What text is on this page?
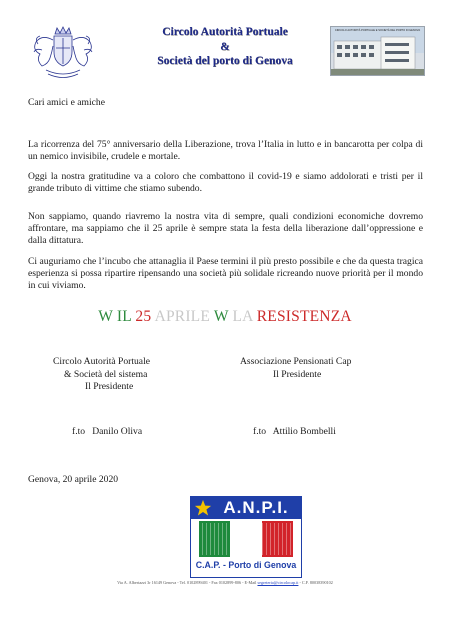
Circolo Autorità Portuale
&
Società del porto di Genova
CIRCOLO AUTORITÀ PORTUALE E SOCIETÀ DEL PORTO DI GENOVA
Cari amici e amiche
La ricorrenza del 75° anniversario della Liberazione, trova l’Italia in lutto e in bancarotta per colpa di un nemico invisibile, crudele e mortale.
Oggi la nostra gratitudine va a coloro che combattono il covid-19 e siamo addolorati e tristi per il grande tributo di vittime che stiamo subendo.
Non sappiamo, quando riavremo la nostra vita di sempre, quali condizioni economiche dovremo affrontare, ma sappiamo che il 25 aprile è sempre stata la festa della liberazione dall’oppressione e dalla dittatura.
Ci auguriamo che l’incubo che attanaglia il Paese termini il più presto possibile e che da questa tragica esperienza si possa ripartire ripensando una società più solidale ricreando nuove priorità per il mondo in cui viviamo.
W IL 25 APRILE W LA RESISTENZA
Circolo Autorità Portuale
& Società del sistema
Il Presidente
Associazione Pensionati Cap
Il Presidente
f.to   Danilo Oliva	f.to   Attilio Bombelli
Genova, 20 aprile 2020
A.N.P.I.
C.A.P. - Porto di Genova
Via A. Albertazzi 3r 16149 Genova - Tel. 0102899401 - Fax 0102899-806 - E-Mail segreteria@circolocap.it - C.F. 80038390102
